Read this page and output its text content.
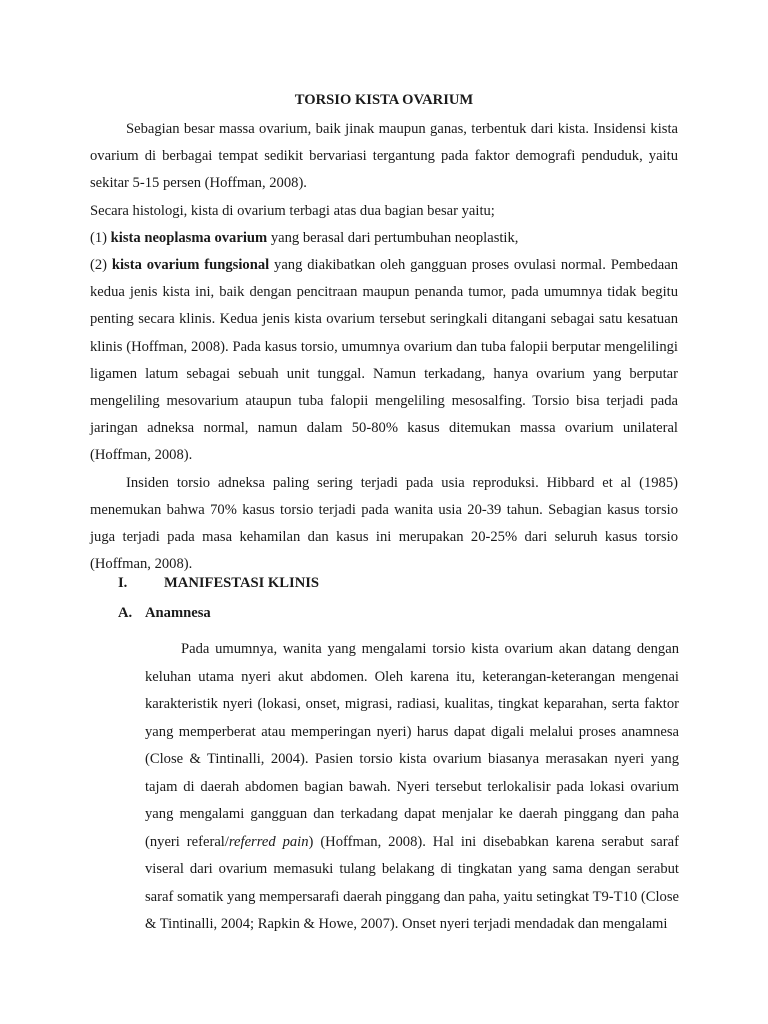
TORSIO KISTA OVARIUM

Sebagian besar massa ovarium, baik jinak maupun ganas, terbentuk dari kista. Insidensi kista ovarium di berbagai tempat sedikit bervariasi tergantung pada faktor demografi penduduk, yaitu sekitar 5-15 persen (Hoffman, 2008).

Secara histologi, kista di ovarium terbagi atas dua bagian besar yaitu;

(1) kista neoplasma ovarium yang berasal dari pertumbuhan neoplastik,

(2) kista ovarium fungsional yang diakibatkan oleh gangguan proses ovulasi normal. Pembedaan kedua jenis kista ini, baik dengan pencitraan maupun penanda tumor, pada umumnya tidak begitu penting secara klinis. Kedua jenis kista ovarium tersebut seringkali ditangani sebagai satu kesatuan klinis (Hoffman, 2008). Pada kasus torsio, umumnya ovarium dan tuba falopii berputar mengelilingi ligamen latum sebagai sebuah unit tunggal. Namun terkadang, hanya ovarium yang berputar mengeliling mesovarium ataupun tuba falopii mengeliling mesosalfing. Torsio bisa terjadi pada jaringan adneksa normal, namun dalam 50-80% kasus ditemukan massa ovarium unilateral (Hoffman, 2008).

Insiden torsio adneksa paling sering terjadi pada usia reproduksi. Hibbard et al (1985) menemukan bahwa 70% kasus torsio terjadi pada wanita usia 20-39 tahun. Sebagian kasus torsio juga terjadi pada masa kehamilan dan kasus ini merupakan 20-25% dari seluruh kasus torsio (Hoffman, 2008).

I.	MANIFESTASI KLINIS
A. Anamnesa

Pada umumnya, wanita yang mengalami torsio kista ovarium akan datang dengan keluhan utama nyeri akut abdomen. Oleh karena itu, keterangan-keterangan mengenai karakteristik nyeri (lokasi, onset, migrasi, radiasi, kualitas, tingkat keparahan, serta faktor yang memperberat atau memperingan nyeri) harus dapat digali melalui proses anamnesa (Close & Tintinalli, 2004). Pasien torsio kista ovarium biasanya merasakan nyeri yang tajam di daerah abdomen bagian bawah. Nyeri tersebut terlokalisir pada lokasi ovarium yang mengalami gangguan dan terkadang dapat menjalar ke daerah pinggang dan paha (nyeri referal/referred pain) (Hoffman, 2008). Hal ini disebabkan karena serabut saraf viseral dari ovarium memasuki tulang belakang di tingkatan yang sama dengan serabut saraf somatik yang mempersarafi daerah pinggang dan paha, yaitu setingkat T9-T10 (Close & Tintinalli, 2004; Rapkin & Howe, 2007). Onset nyeri terjadi mendadak dan mengalami
